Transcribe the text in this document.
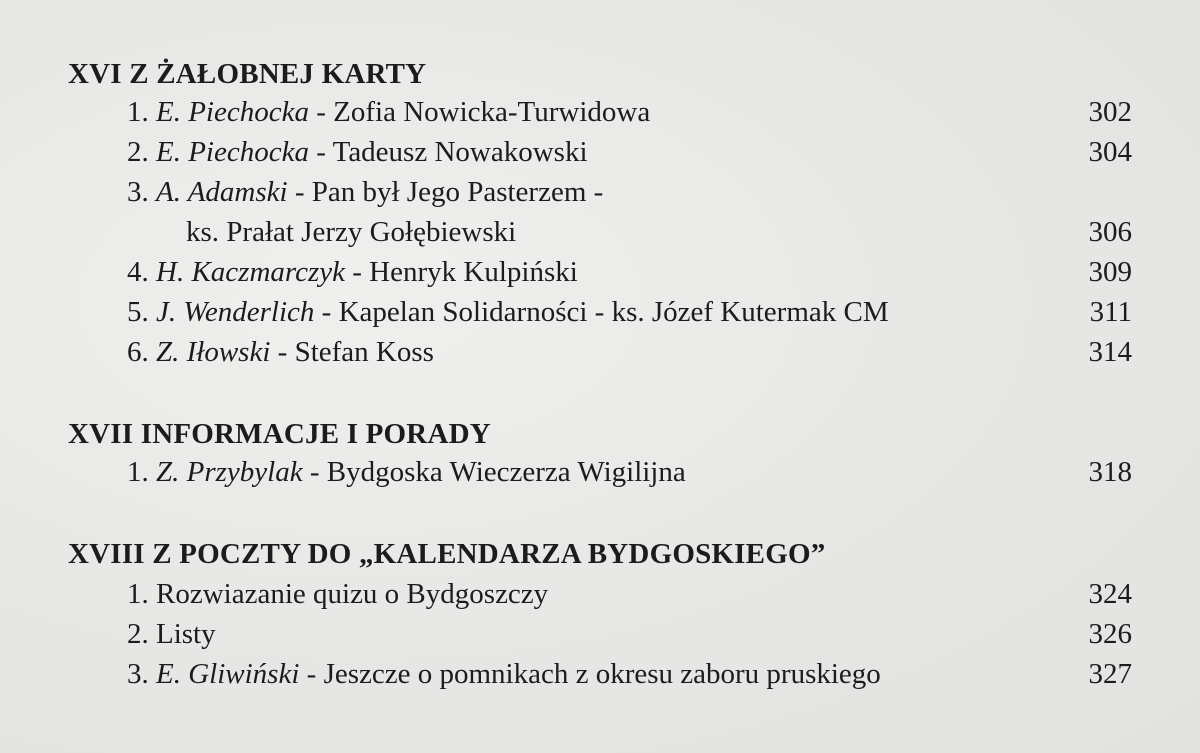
XVI Z ŻAŁOBNEJ KARTY
1. E. Piechocka - Zofia Nowicka-Turwidowa	302
2. E. Piechocka - Tadeusz Nowakowski	304
3. A. Adamski - Pan był Jego Pasterzem -
ks. Prałat Jerzy Gołębiewski	306
4. H. Kaczmarczyk - Henryk Kulpiński	309
5. J. Wenderlich - Kapelan Solidarności - ks. Józef Kutermak CM	311
6. Z. Iłowski - Stefan Koss	314
XVII INFORMACJE I PORADY
1. Z. Przybylak - Bydgoska Wieczerza Wigilijna	318
XVIII Z POCZTY DO „KALENDARZA BYDGOSKIEGO”
1. Rozwiazanie quizu o Bydgoszczy	324
2. Listy	326
3. E. Gliwiński - Jeszcze o pomnikach z okresu zaboru pruskiego	327
